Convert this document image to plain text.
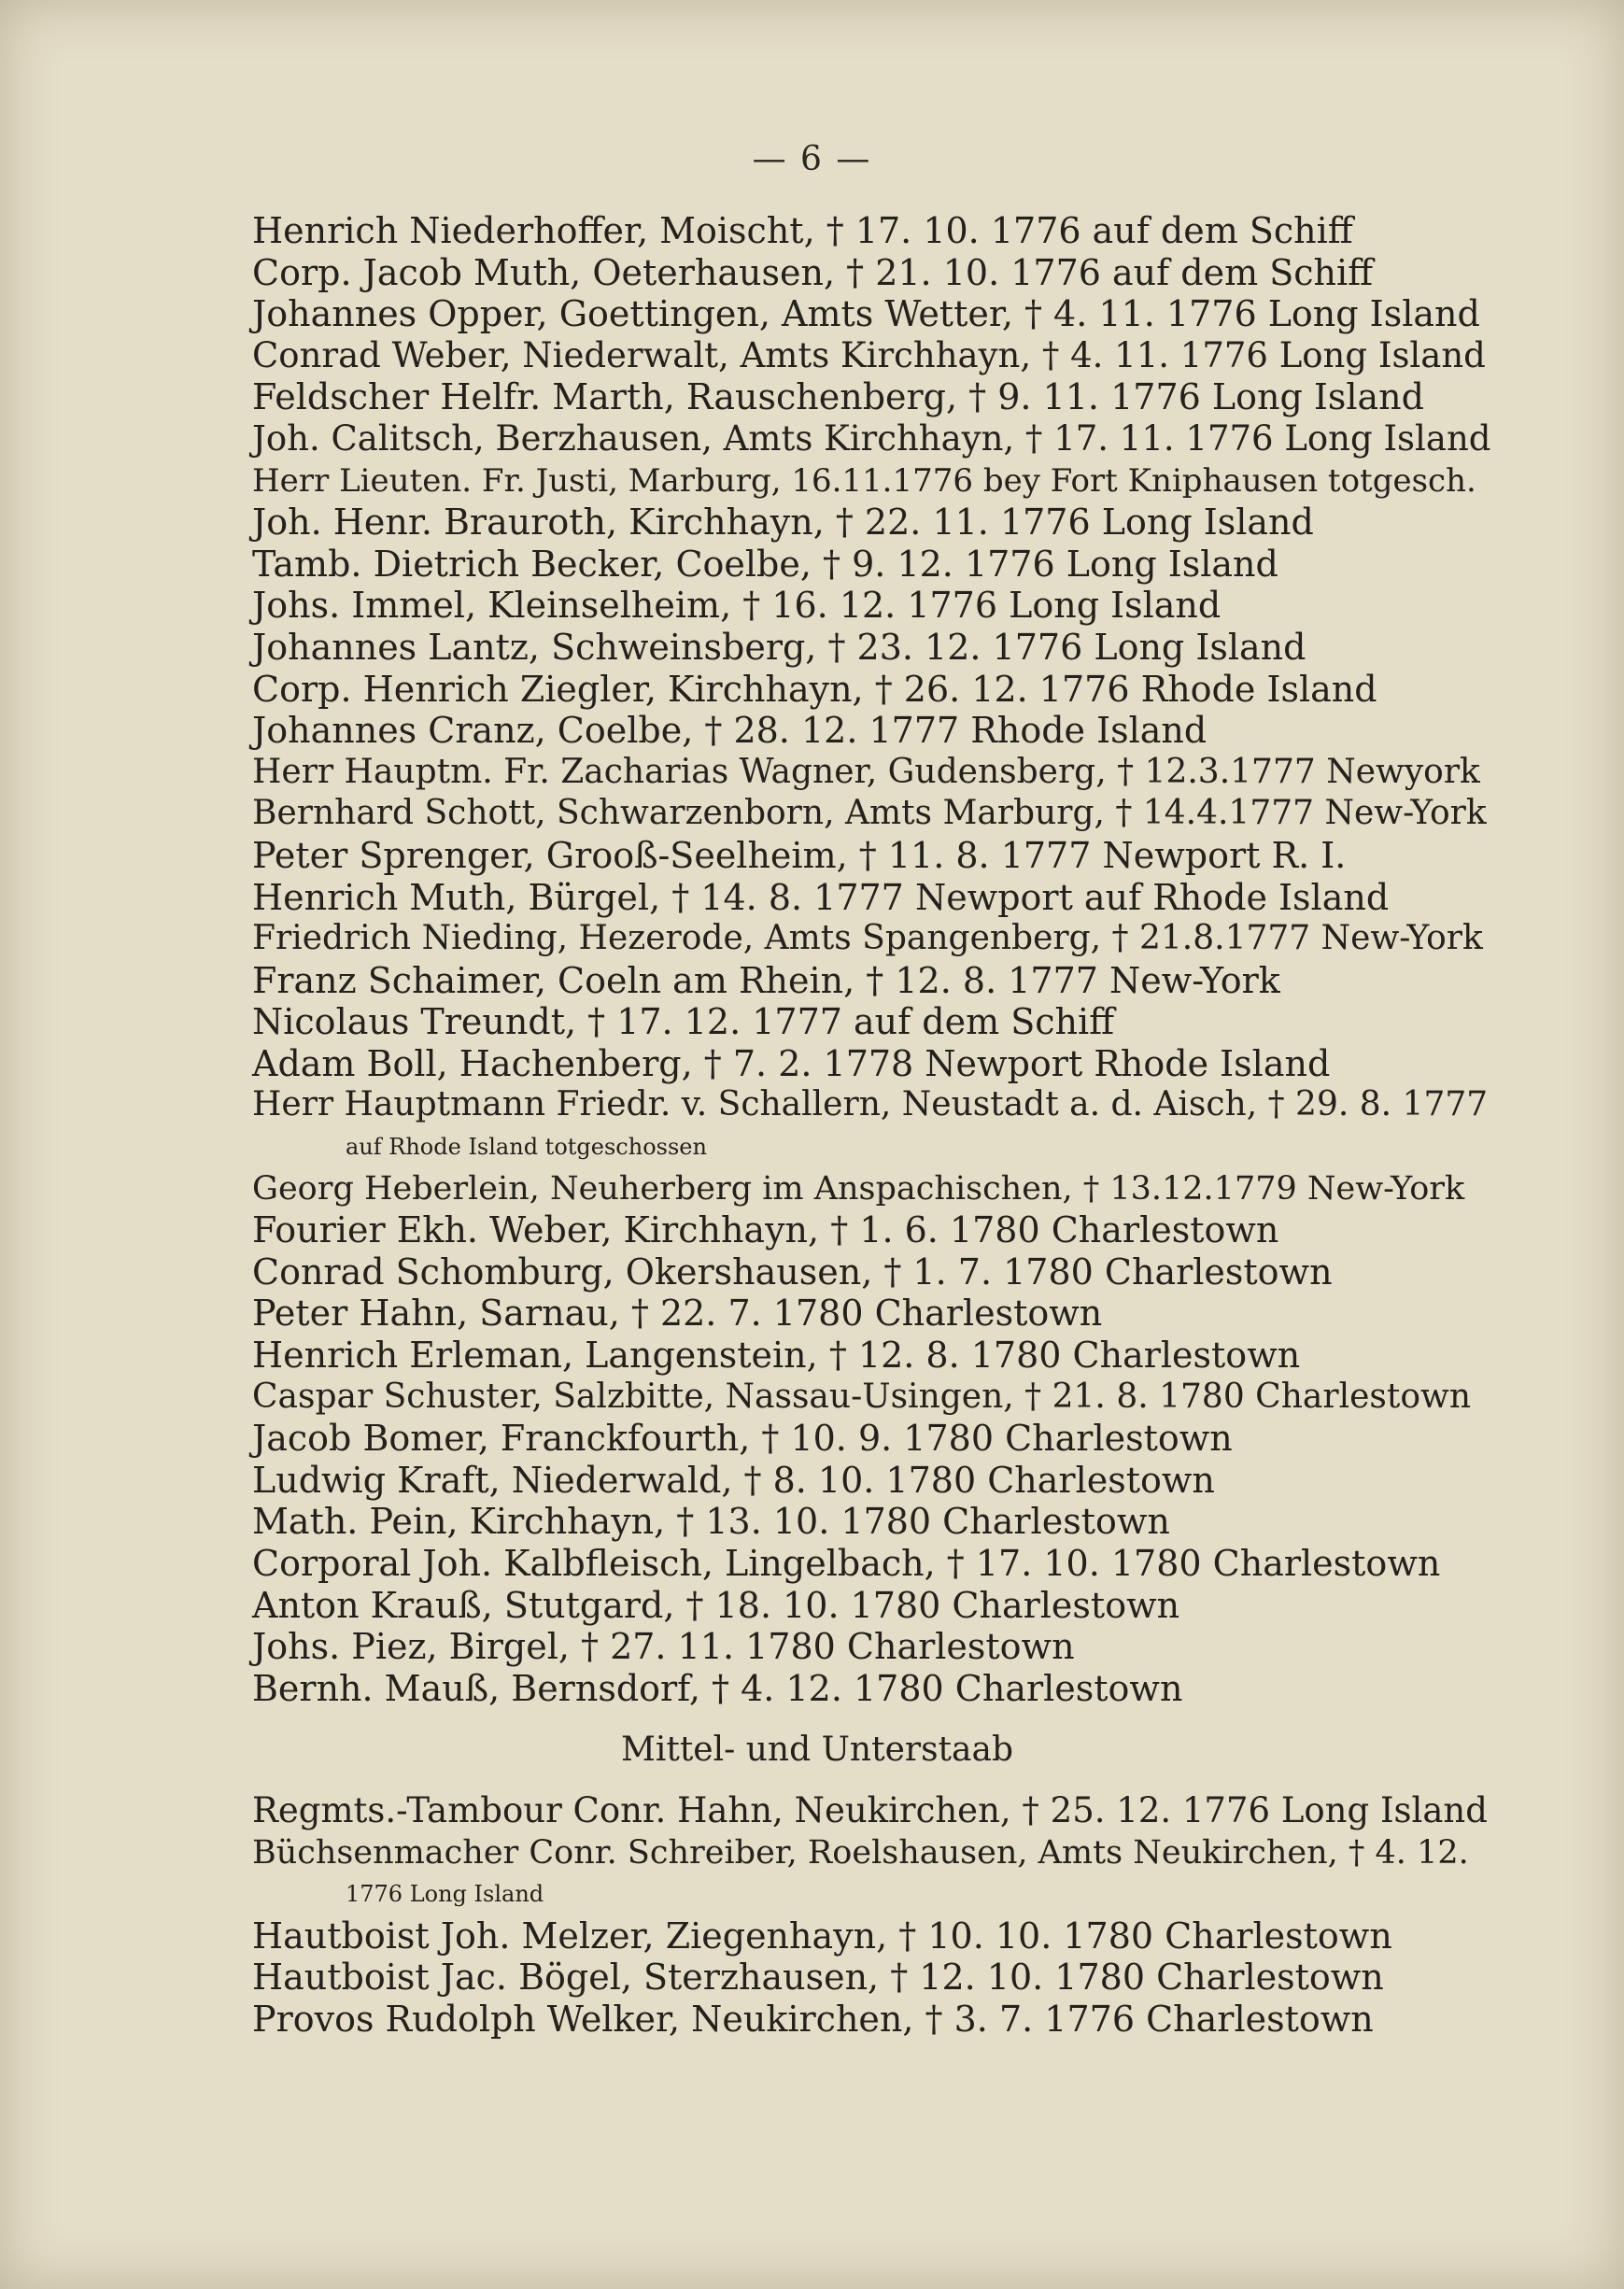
— 6 —
Henrich Niederhoffer, Moischt, † 17. 10. 1776 auf dem Schiff
Corp. Jacob Muth, Oeterhausen, † 21. 10. 1776 auf dem Schiff
Johannes Opper, Goettingen, Amts Wetter, † 4. 11. 1776 Long Island
Conrad Weber, Niederwalt, Amts Kirchhayn, † 4. 11. 1776 Long Island
Feldscher Helfr. Marth, Rauschenberg, † 9. 11. 1776 Long Island
Joh. Calitsch, Berzhausen, Amts Kirchhayn, † 17. 11. 1776 Long Island
Herr Lieuten. Fr. Justi, Marburg, 16.11.1776 bey Fort Kniphausen totgesch.
Joh. Henr. Brauroth, Kirchhayn, † 22. 11. 1776 Long Island
Tamb. Dietrich Becker, Coelbe, † 9. 12. 1776 Long Island
Johs. Immel, Kleinselheim, † 16. 12. 1776 Long Island
Johannes Lantz, Schweinsberg, † 23. 12. 1776 Long Island
Corp. Henrich Ziegler, Kirchhayn, † 26. 12. 1776 Rhode Island
Johannes Cranz, Coelbe, † 28. 12. 1777 Rhode Island
Herr Hauptm. Fr. Zacharias Wagner, Gudensberg, † 12.3.1777 Newyork
Bernhard Schott, Schwarzenborn, Amts Marburg, † 14.4.1777 New-York
Peter Sprenger, Grooß-Seelheim, † 11. 8. 1777 Newport R. I.
Henrich Muth, Bürgel, † 14. 8. 1777 Newport auf Rhode Island
Friedrich Nieding, Hezerode, Amts Spangenberg, † 21.8.1777 New-York
Franz Schaimer, Coeln am Rhein, † 12. 8. 1777 New-York
Nicolaus Treundt, † 17. 12. 1777 auf dem Schiff
Adam Boll, Hachenberg, † 7. 2. 1778 Newport Rhode Island
Herr Hauptmann Friedr. v. Schallern, Neustadt a. d. Aisch, † 29. 8. 1777
auf Rhode Island totgeschossen
Georg Heberlein, Neuherberg im Anspachischen, † 13.12.1779 New-York
Fourier Ekh. Weber, Kirchhayn, † 1. 6. 1780 Charlestown
Conrad Schomburg, Okershausen, † 1. 7. 1780 Charlestown
Peter Hahn, Sarnau, † 22. 7. 1780 Charlestown
Henrich Erleman, Langenstein, † 12. 8. 1780 Charlestown
Caspar Schuster, Salzbitte, Nassau-Usingen, † 21. 8. 1780 Charlestown
Jacob Bomer, Franckfourth, † 10. 9. 1780 Charlestown
Ludwig Kraft, Niederwald, † 8. 10. 1780 Charlestown
Math. Pein, Kirchhayn, † 13. 10. 1780 Charlestown
Corporal Joh. Kalbfleisch, Lingelbach, † 17. 10. 1780 Charlestown
Anton Krauß, Stutgard, † 18. 10. 1780 Charlestown
Johs. Piez, Birgel, † 27. 11. 1780 Charlestown
Bernh. Mauß, Bernsdorf, † 4. 12. 1780 Charlestown
Mittel- und Unterstaab
Regmts.-Tambour Conr. Hahn, Neukirchen, † 25. 12. 1776 Long Island
Büchsenmacher Conr. Schreiber, Roelshausen, Amts Neukirchen, † 4. 12.
1776 Long Island
Hautboist Joh. Melzer, Ziegenhayn, † 10. 10. 1780 Charlestown
Hautboist Jac. Bögel, Sterzhausen, † 12. 10. 1780 Charlestown
Provos Rudolph Welker, Neukirchen, † 3. 7. 1776 Charlestown
